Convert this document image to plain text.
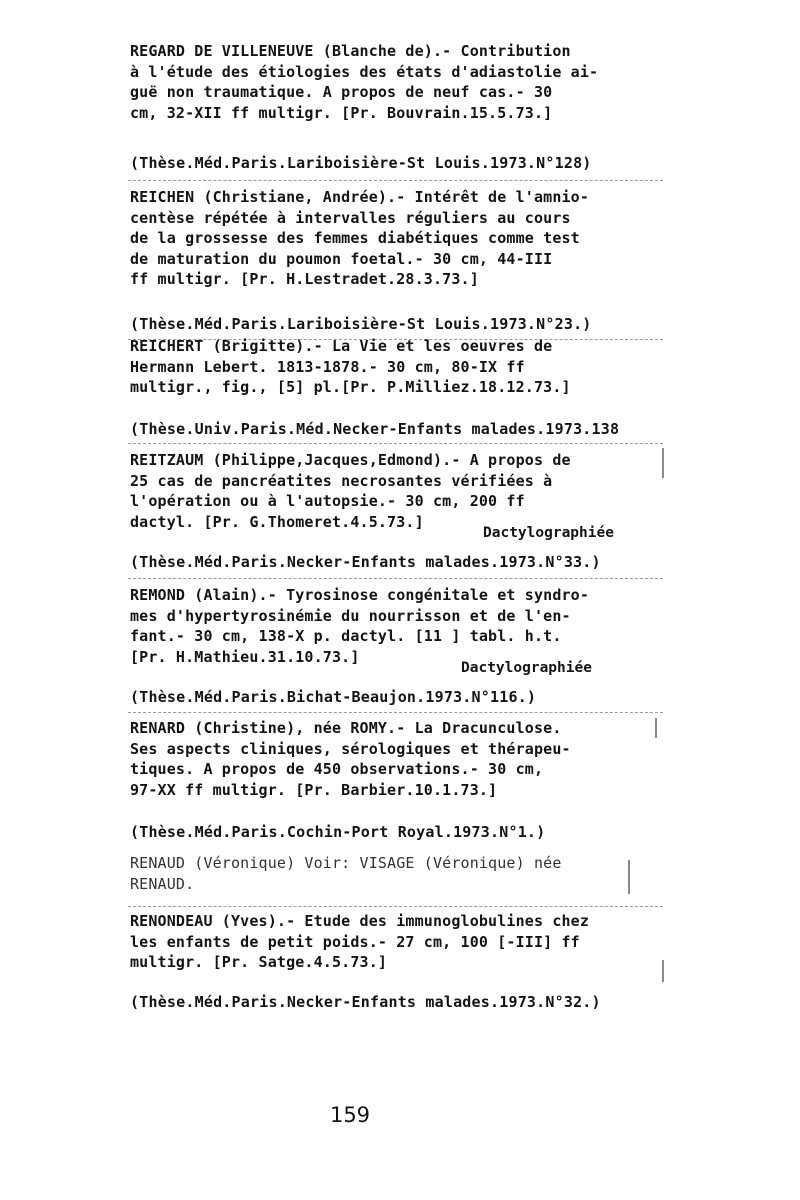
REGARD DE VILLENEUVE (Blanche de).- Contribution
à l'étude des étiologies des états d'adiastolie ai-
guë non traumatique. A propos de neuf cas.- 30
cm, 32-XII ff multigr. [Pr. Bouvrain.15.5.73.]
(Thèse.Méd.Paris.Lariboisière-St Louis.1973.N°128)
REICHEN (Christiane, Andrée).- Intérêt de l'amnio-
centèse répétée à intervalles réguliers au cours
de la grossesse des femmes diabétiques comme test
de maturation du poumon foetal.- 30 cm, 44-III
ff multigr. [Pr. H.Lestradet.28.3.73.]
(Thèse.Méd.Paris.Lariboisière-St Louis.1973.N°23.)
REICHERT (Brigitte).- La Vie et les oeuvres de
Hermann Lebert. 1813-1878.- 30 cm, 80-IX ff
multigr., fig., [5] pl.[Pr. P.Milliez.18.12.73.]
(Thèse.Univ.Paris.Méd.Necker-Enfants malades.1973.138
REITZAUM (Philippe,Jacques,Edmond).- A propos de
25 cas de pancréatites necrosantes vérifiées à
l'opération ou à l'autopsie.- 30 cm, 200 ff
dactyl. [Pr. G.Thomeret.4.5.73.]
Dactylographiée
(Thèse.Méd.Paris.Necker-Enfants malades.1973.N°33.)
REMOND (Alain).- Tyrosinose congénitale et syndro-
mes d'hypertyrosinémie du nourrisson et de l'en-
fant.- 30 cm, 138-X p. dactyl. [11 ] tabl. h.t.
[Pr. H.Mathieu.31.10.73.]
Dactylographiée
(Thèse.Méd.Paris.Bichat-Beaujon.1973.N°116.)
RENARD (Christine), née ROMY.- La Dracunculose.
Ses aspects cliniques, sérologiques et thérapeu-
tiques. A propos de 450 observations.- 30 cm,
97-XX ff multigr. [Pr. Barbier.10.1.73.]
(Thèse.Méd.Paris.Cochin-Port Royal.1973.N°1.)
RENAUD (Véronique) Voir: VISAGE (Véronique) née
RENAUD.
RENONDEAU (Yves).- Etude des immunoglobulines chez
les enfants de petit poids.- 27 cm, 100 [-III] ff
multigr. [Pr. Satge.4.5.73.]
(Thèse.Méd.Paris.Necker-Enfants malades.1973.N°32.)
159
